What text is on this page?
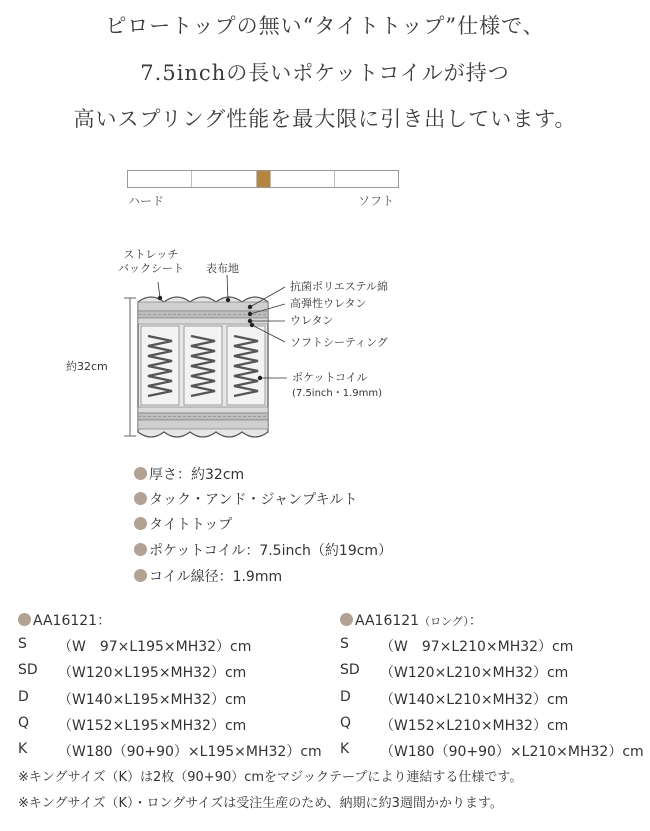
ピロートップの無い“タイトトップ”仕様で、
7.5inchの長いポケットコイルが持つ
高いスプリング性能を最大限に引き出しています。
ハード	ソフト
ストレッチ
バックシート 表布地
抗菌ポリエステル綿
高弾性ウレタン
ウレタン
ソフトシーティング
ポケットコイル
(7.5inch・1.9mm)
約32cm
厚さ：約32cm
タック・アンド・ジャンプキルト
タイトトップ
ポケットコイル：7.5inch（約19cm）
コイル線径：1.9mm
AA16121：
S	（W　97×L195×MH32）cm
SD	（W120×L195×MH32）cm
D	（W140×L195×MH32）cm
Q	（W152×L195×MH32）cm
K	（W180（90+90）×L195×MH32）cm
AA16121（ロング）：
S	（W　97×L210×MH32）cm
SD	（W120×L210×MH32）cm
D	（W140×L210×MH32）cm
Q	（W152×L210×MH32）cm
K	（W180（90+90）×L210×MH32）cm
※キングサイズ（K）は2枚（90+90）cmをマジックテープにより連結する仕様です。
※キングサイズ（K）・ロングサイズは受注生産のため、納期に約3週間かかります。
